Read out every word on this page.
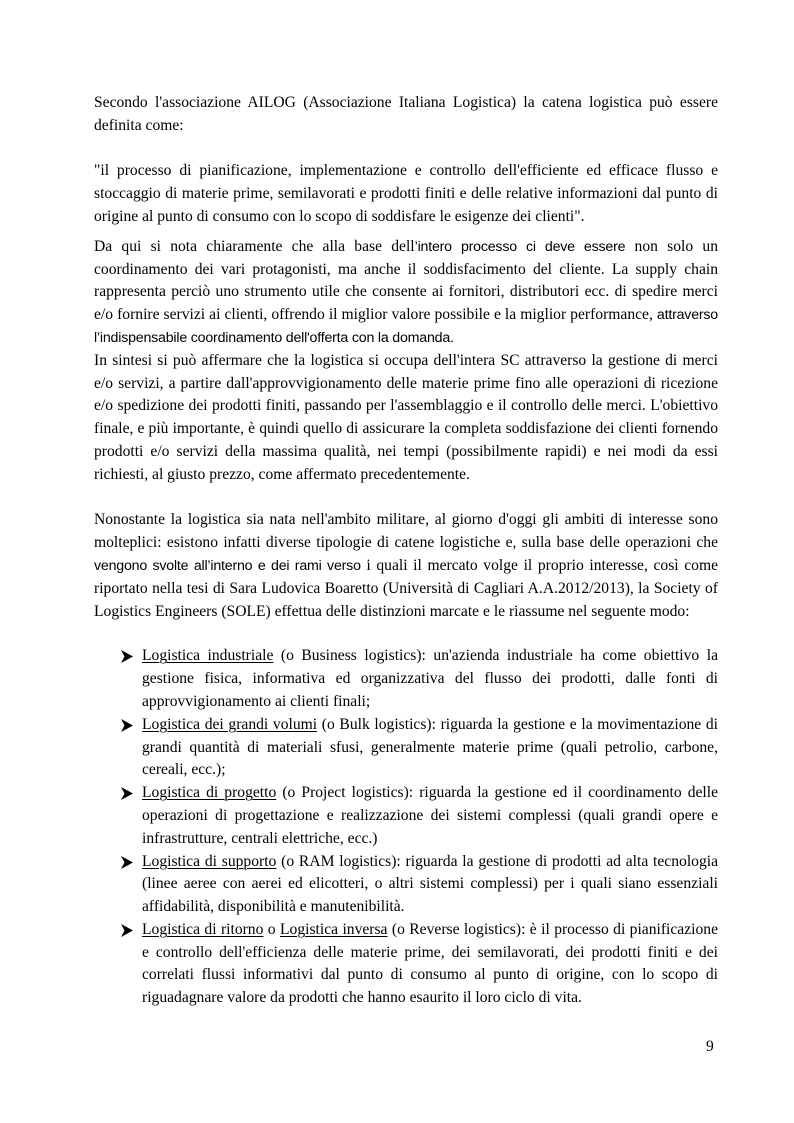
Secondo l'associazione AILOG (Associazione Italiana Logistica) la catena logistica può essere definita come:

"il processo di pianificazione, implementazione e controllo dell'efficiente ed efficace flusso e stoccaggio di materie prime, semilavorati e prodotti finiti e delle relative informazioni dal punto di origine al punto di consumo con lo scopo di soddisfare le esigenze dei clienti".

Da qui si nota chiaramente che alla base dell’intero processo ci deve essere non solo un coordinamento dei vari protagonisti, ma anche il soddisfacimento del cliente. La supply chain rappresenta perciò uno strumento utile che consente ai fornitori, distributori ecc. di spedire merci e/o fornire servizi ai clienti, offrendo il miglior valore possibile e la miglior performance, attraverso l’indispensabile coordinamento dell'offerta con la domanda.

In sintesi si può affermare che la logistica si occupa dell'intera SC attraverso la gestione di merci e/o servizi, a partire dall'approvvigionamento delle materie prime fino alle operazioni di ricezione e/o spedizione dei prodotti finiti, passando per l'assemblaggio e il controllo delle merci. L'obiettivo finale, e più importante, è quindi quello di assicurare la completa soddisfazione dei clienti fornendo prodotti e/o servizi della massima qualità, nei tempi (possibilmente rapidi) e nei modi da essi richiesti, al giusto prezzo, come affermato precedentemente.

Nonostante la logistica sia nata nell'ambito militare, al giorno d'oggi gli ambiti di interesse sono molteplici: esistono infatti diverse tipologie di catene logistiche e, sulla base delle operazioni che vengono svolte all’interno e dei rami verso i quali il mercato volge il proprio interesse, così come riportato nella tesi di Sara Ludovica Boaretto (Università di Cagliari A.A.2012/2013), la Society of Logistics Engineers (SOLE) effettua delle distinzioni marcate e le riassume nel seguente modo:

Logistica industriale (o Business logistics): un'azienda industriale ha come obiettivo la gestione fisica, informativa ed organizzativa del flusso dei prodotti, dalle fonti di approvvigionamento ai clienti finali;
Logistica dei grandi volumi (o Bulk logistics): riguarda la gestione e la movimentazione di grandi quantità di materiali sfusi, generalmente materie prime (quali petrolio, carbone, cereali, ecc.);
Logistica di progetto (o Project logistics): riguarda la gestione ed il coordinamento delle operazioni di progettazione e realizzazione dei sistemi complessi (quali grandi opere e infrastrutture, centrali elettriche, ecc.)
Logistica di supporto (o RAM logistics): riguarda la gestione di prodotti ad alta tecnologia (linee aeree con aerei ed elicotteri, o altri sistemi complessi) per i quali siano essenziali affidabilità, disponibilità e manutenibilità.
Logistica di ritorno o Logistica inversa (o Reverse logistics): è il processo di pianificazione e controllo dell'efficienza delle materie prime, dei semilavorati, dei prodotti finiti e dei correlati flussi informativi dal punto di consumo al punto di origine, con lo scopo di riguadagnare valore da prodotti che hanno esaurito il loro ciclo di vita.
9
